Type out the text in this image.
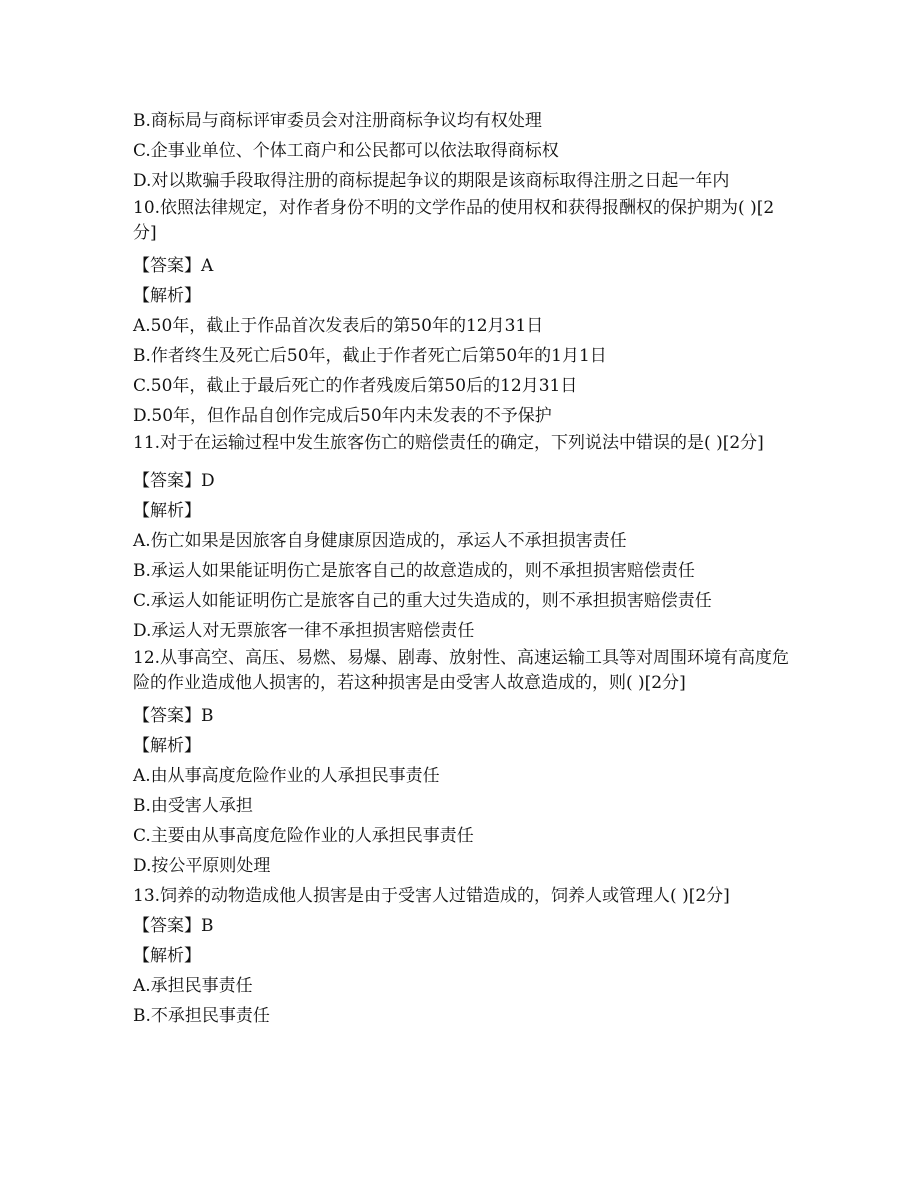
B.商标局与商标评审委员会对注册商标争议均有权处理
C.企事业单位、个体工商户和公民都可以依法取得商标权
D.对以欺骗手段取得注册的商标提起争议的期限是该商标取得注册之日起一年内
10.依照法律规定，对作者身份不明的文学作品的使用权和获得报酬权的保护期为( )[2分]
【答案】A
【解析】
A.50年，截止于作品首次发表后的第50年的12月31日
B.作者终生及死亡后50年，截止于作者死亡后第50年的1月1日
C.50年，截止于最后死亡的作者残废后第50后的12月31日
D.50年，但作品自创作完成后50年内未发表的不予保护
11.对于在运输过程中发生旅客伤亡的赔偿责任的确定，下列说法中错误的是( )[2分]
【答案】D
【解析】
A.伤亡如果是因旅客自身健康原因造成的，承运人不承担损害责任
B.承运人如果能证明伤亡是旅客自己的故意造成的，则不承担损害赔偿责任
C.承运人如能证明伤亡是旅客自己的重大过失造成的，则不承担损害赔偿责任
D.承运人对无票旅客一律不承担损害赔偿责任
12.从事高空、高压、易燃、易爆、剧毒、放射性、高速运输工具等对周围环境有高度危险的作业造成他人损害的，若这种损害是由受害人故意造成的，则( )[2分]
【答案】B
【解析】
A.由从事高度危险作业的人承担民事责任
B.由受害人承担
C.主要由从事高度危险作业的人承担民事责任
D.按公平原则处理
13.饲养的动物造成他人损害是由于受害人过错造成的，饲养人或管理人( )[2分]
【答案】B
【解析】
A.承担民事责任
B.不承担民事责任
